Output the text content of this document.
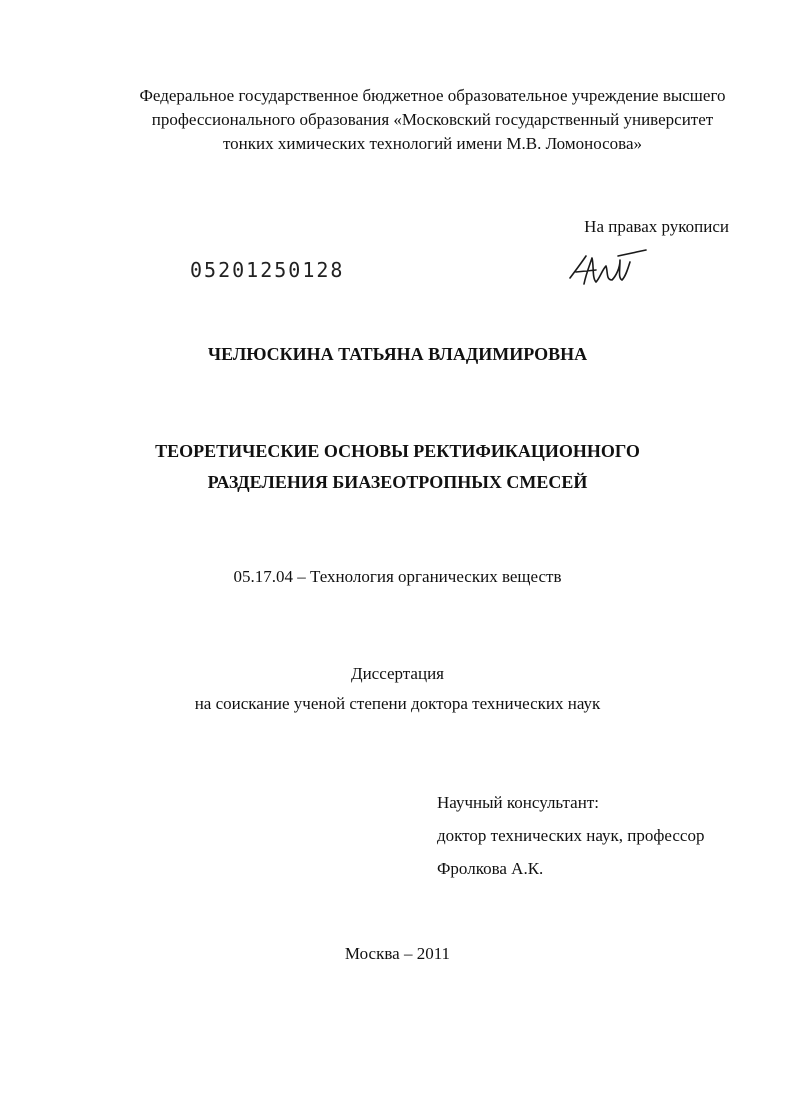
Федеральное государственное бюджетное образовательное учреждение высшего
профессионального образования «Московский государственный университет
тонких химических технологий имени М.В. Ломоносова»
На правах рукописи
05201250128
ЧЕЛЮСКИНА ТАТЬЯНА ВЛАДИМИРОВНА
ТЕОРЕТИЧЕСКИЕ ОСНОВЫ РЕКТИФИКАЦИОННОГО
РАЗДЕЛЕНИЯ БИАЗЕОТРОПНЫХ СМЕСЕЙ
05.17.04 – Технология органических веществ
Диссертация
на соискание ученой степени доктора технических наук
Научный консультант:
доктор технических наук, профессор
Фролкова А.К.
Москва – 2011
